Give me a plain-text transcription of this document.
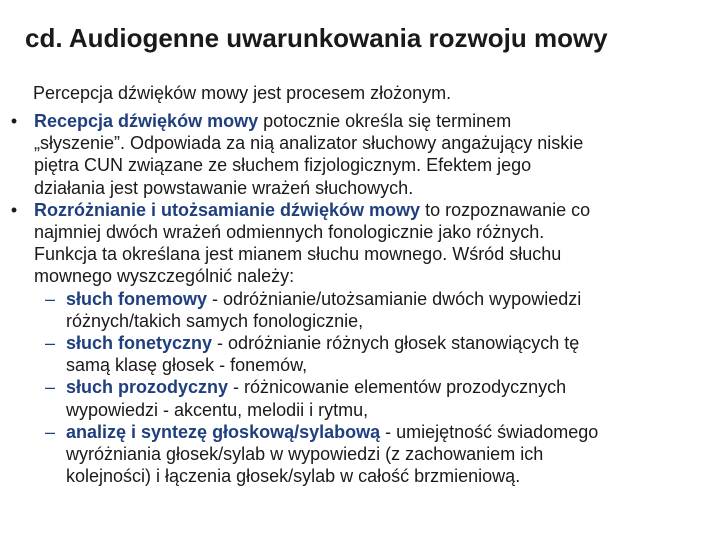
cd. Audiogenne uwarunkowania rozwoju mowy
Percepcja dźwięków mowy jest procesem złożonym.
• Recepcja dźwięków mowy potocznie określa się terminem
„słyszenie”. Odpowiada za nią analizator słuchowy angażujący niskie
piętra CUN związane ze słuchem fizjologicznym. Efektem jego
działania jest powstawanie wrażeń słuchowych.
• Rozróżnianie i utożsamianie dźwięków mowy to rozpoznawanie co
najmniej dwóch wrażeń odmiennych fonologicznie jako różnych.
Funkcja ta określana jest mianem słuchu mownego. Wśród słuchu
mownego wyszczególnić należy:
– słuch fonemowy - odróżnianie/utożsamianie dwóch wypowiedzi
różnych/takich samych fonologicznie,
– słuch fonetyczny - odróżnianie różnych głosek stanowiących tę
samą klasę głosek - fonemów,
– słuch prozodyczny - różnicowanie elementów prozodycznych
wypowiedzi - akcentu, melodii i rytmu,
– analizę i syntezę głoskową/sylabową - umiejętność świadomego
wyróżniania głosek/sylab w wypowiedzi (z zachowaniem ich
kolejności) i łączenia głosek/sylab w całość brzmieniową.
